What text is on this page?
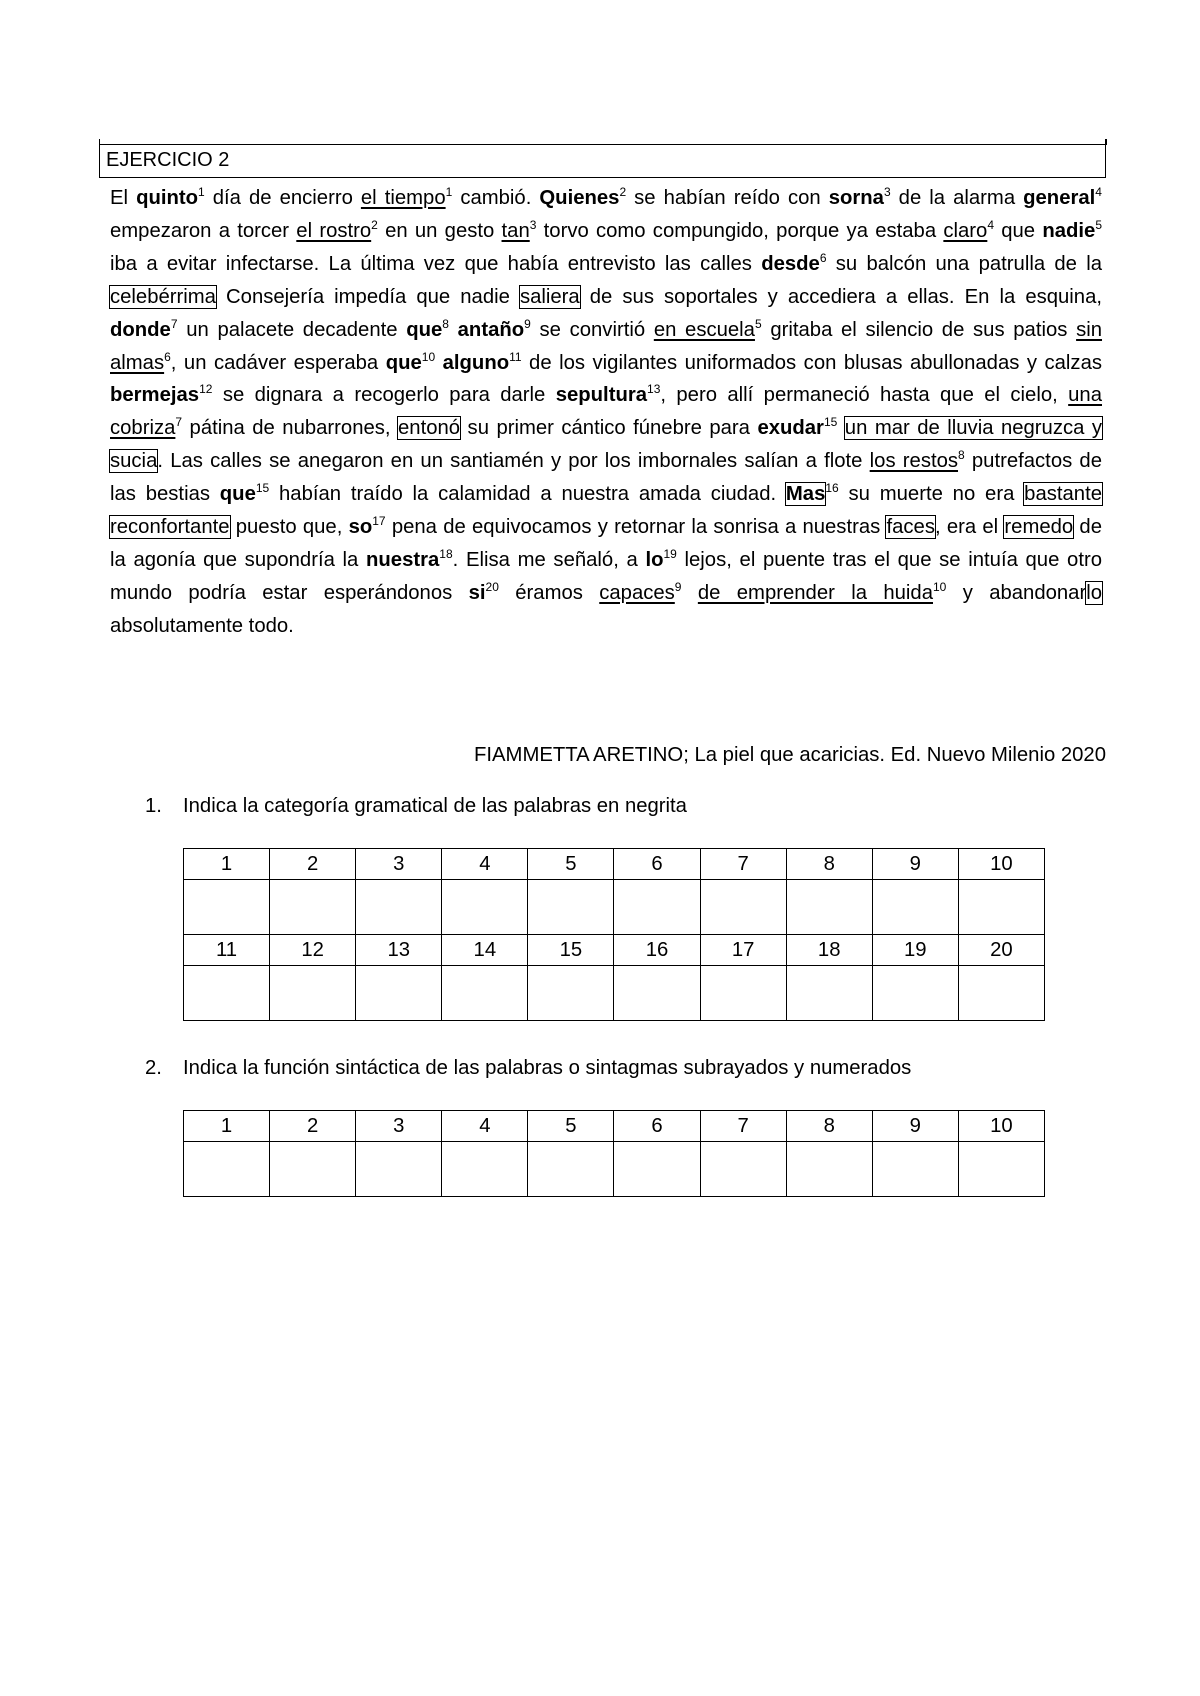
EJERCICIO 2
El quinto$^1$ día de encierro el tiempo$^1$ cambió. Quienes$^2$ se habían reído con sorna$^3$ de la alarma general$^4$ empezaron a torcer el rostro$^2$ en un gesto $\tan^3$ torvo como compungido, porque ya estaba claro$^4$ que nadie$^5$ iba a evitar infectarse. La última vez que había entrevisto las calles desde$^6$ su balcón una patrulla de la celebérrima Consejería impedía que nadie saliera de sus soportales y accediera a ellas. En la esquina, donde$^7$ un palacete decadente que$^8$ antaño$^9$ se convirtió en escuela$^5$ gritaba el silencio de sus patios sin almas$^6$, un cadáver esperaba que$^{10}$ alguno$^{11}$ de los vigilantes uniformados con blusas abullonadas y calzas bermejas$^{12}$ se dignara a recogerlo para darle sepultura$^{13}$, pero allí permaneció hasta que el cielo, una cobriza$^7$ pátina de nubarrones, entonó su primer cántico fúnebre para exudar$^{15}$ un mar de lluvia negruzca y sucia. Las calles se anegaron en un santiamén y por los imbornales salían a flote los restos$^8$ putrefactos de las bestias que$^{15}$ habían traído la calamidad a nuestra amada ciudad. Mas$^{16}$ su muerte no era bastante reconfortante puesto que, $so^{17}$ pena de equivocamos y retornar la sonrisa a nuestras faces, era el remedo de la agonía que supondría la nuestra$^{18}$. Elisa me señaló, a $lo^{19}$ lejos, el puente tras el que se intuía que otro mundo podría estar esperándonos $si^{20}$ éramos capaces$^9$ de emprender la huida$^{10}$ y abandonarlo absolutamente todo.
FIAMMETTA ARETINO; La piel que acaricias. Ed. Nuevo Milenio 2020
1.	Indica la categoría gramatical de las palabras en negrita
1	2	3	4	5	6	7	8	9	10

11	12	13	14	15	16	17	18	19	20

2.	Indica la función sintáctica de las palabras o sintagmas subrayados y numerados
1	2	3	4	5	6	7	8	9	10
